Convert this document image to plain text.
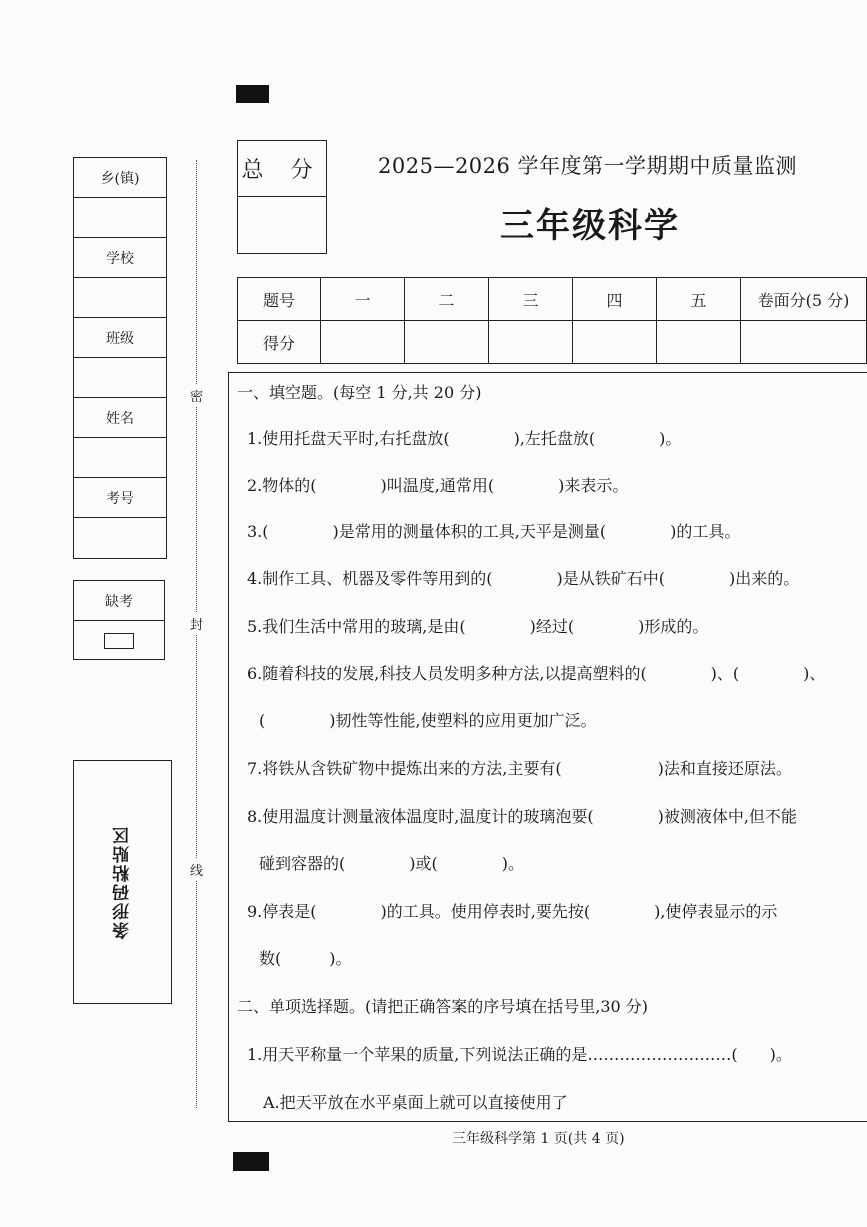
乡(镇)
学校
班级
姓名
考号
缺考
条形码粘贴区
密
封
线
总 分	2025—2026 学年度第一学期期中质量监测
三年级科学
题号	一	二	三	四	五	卷面分(5 分)
得分						
一、填空题。(每空 1 分,共 20 分)
1.使用托盘天平时,右托盘放(　　　　),左托盘放(　　　　)。
2.物体的(　　　　)叫温度,通常用(　　　　)来表示。
3.(　　　　)是常用的测量体积的工具,天平是测量(　　　　)的工具。
4.制作工具、机器及零件等用到的(　　　　)是从铁矿石中(　　　　)出来的。
5.我们生活中常用的玻璃,是由(　　　　)经过(　　　　)形成的。
6.随着科技的发展,科技人员发明多种方法,以提高塑料的(　　　　)、(　　　　)、
(　　　　)韧性等性能,使塑料的应用更加广泛。
7.将铁从含铁矿物中提炼出来的方法,主要有(　　　　　　)法和直接还原法。
8.使用温度计测量液体温度时,温度计的玻璃泡要(　　　　)被测液体中,但不能
碰到容器的(　　　　)或(　　　　)。
9.停表是(　　　　)的工具。使用停表时,要先按(　　　　),使停表显示的示
数(　　　)。
二、单项选择题。(请把正确答案的序号填在括号里,30 分)
1.用天平称量一个苹果的质量,下列说法正确的是………………………(　　)。
A.把天平放在水平桌面上就可以直接使用了
三年级科学第 1 页(共 4 页)
